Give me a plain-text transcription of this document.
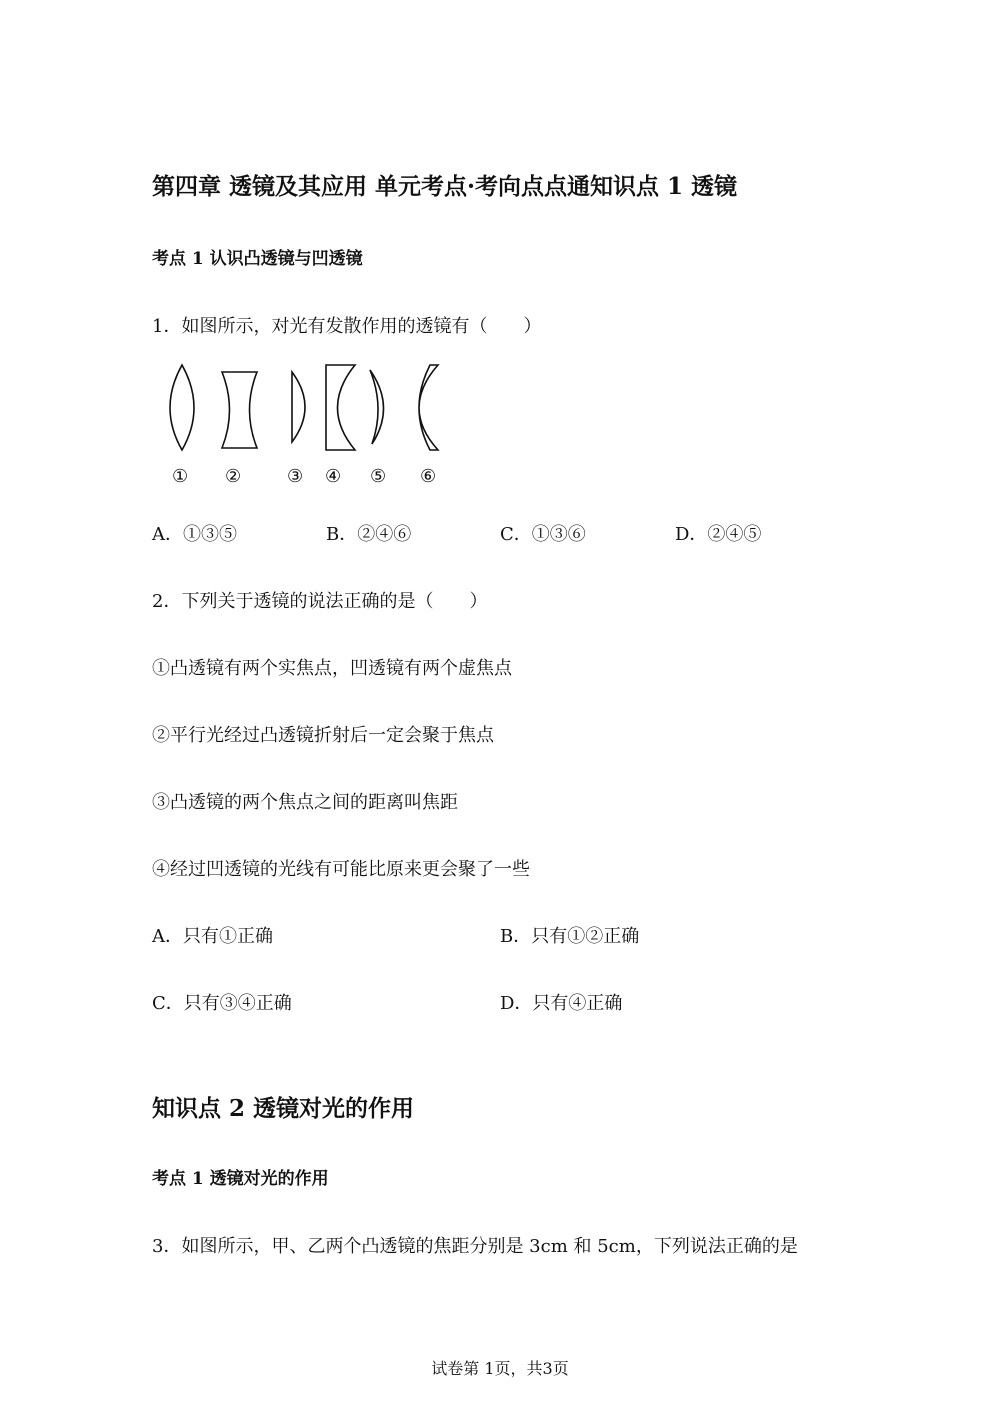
第四章 透镜及其应用 单元考点·考向点点通知识点 1 透镜
考点 1 认识凸透镜与凹透镜
1．如图所示，对光有发散作用的透镜有（　　）
① ②	③ ④ ⑤ ⑥
A．①③⑤	B．②④⑥	C．①③⑥	D．②④⑤
2．下列关于透镜的说法正确的是（　　）
①凸透镜有两个实焦点，凹透镜有两个虚焦点
②平行光经过凸透镜折射后一定会聚于焦点
③凸透镜的两个焦点之间的距离叫焦距
④经过凹透镜的光线有可能比原来更会聚了一些
A．只有①正确	B．只有①②正确
C．只有③④正确	D．只有④正确
知识点 2 透镜对光的作用
考点 1 透镜对光的作用
3．如图所示，甲、乙两个凸透镜的焦距分别是 3cm 和 5cm，下列说法正确的是
试卷第 1页，共3页
